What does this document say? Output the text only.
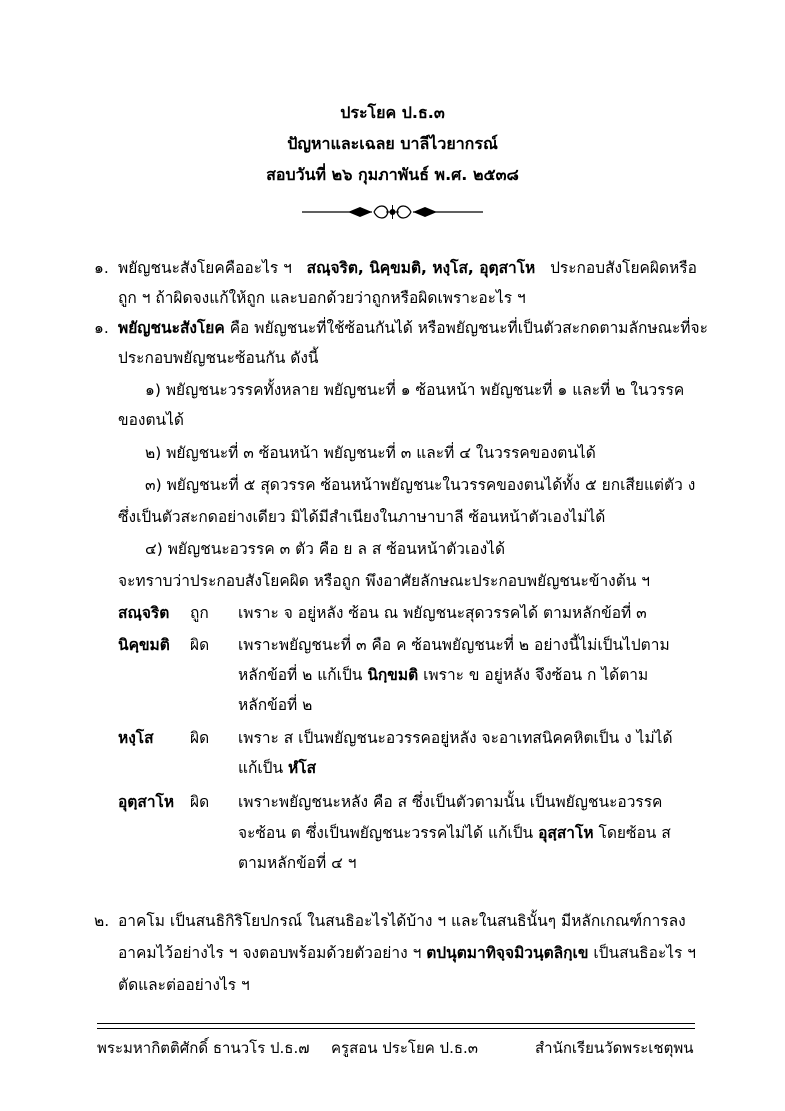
ประโยค ป.ธ.๓
ปัญหาและเฉลย บาลีไวยากรณ์
สอบวันที่ ๒๖ กุมภาพันธ์ พ.ศ. ๒๕๓๘
๑. พยัญชนะสังโยคคืออะไร ฯ สณฺจริต, นิคฺขมติ, หงฺโส, อุตฺสาโห ประกอบสังโยคผิดหรือ
ถูก ฯ ถ้าผิดจงแก้ให้ถูก และบอกด้วยว่าถูกหรือผิดเพราะอะไร ฯ
๑. พยัญชนะสังโยค คือ พยัญชนะที่ใช้ซ้อนกันได้ หรือพยัญชนะที่เป็นตัวสะกดตามลักษณะที่จะ
ประกอบพยัญชนะซ้อนกัน ดังนี้
๑) พยัญชนะวรรคทั้งหลาย พยัญชนะที่ ๑ ซ้อนหน้า พยัญชนะที่ ๑ และที่ ๒ ในวรรค
ของตนได้
๒) พยัญชนะที่ ๓ ซ้อนหน้า พยัญชนะที่ ๓ และที่ ๔ ในวรรคของตนได้
๓) พยัญชนะที่ ๕ สุดวรรค ซ้อนหน้าพยัญชนะในวรรคของตนได้ทั้ง ๕ ยกเสียแต่ตัว ง
ซึ่งเป็นตัวสะกดอย่างเดียว มิได้มีสำเนียงในภาษาบาลี ซ้อนหน้าตัวเองไม่ได้
๔) พยัญชนะอวรรค ๓ ตัว คือ ย ล ส ซ้อนหน้าตัวเองได้
จะทราบว่าประกอบสังโยคผิด หรือถูก พึงอาศัยลักษณะประกอบพยัญชนะข้างต้น ฯ
สณฺจริต ถูก เพราะ จ อยู่หลัง ซ้อน ณ พยัญชนะสุดวรรคได้ ตามหลักข้อที่ ๓
นิคฺขมติ ผิด เพราะพยัญชนะที่ ๓ คือ ค ซ้อนพยัญชนะที่ ๒ อย่างนี้ไม่เป็นไปตาม
หลักข้อที่ ๒ แก้เป็น นิกฺขมติ เพราะ ข อยู่หลัง จึงซ้อน ก ได้ตาม
หลักข้อที่ ๒
หงฺโส ผิด เพราะ ส เป็นพยัญชนะอวรรคอยู่หลัง จะอาเทสนิคคหิตเป็น ง ไม่ได้
แก้เป็น หํโส
อุตฺสาโห ผิด เพราะพยัญชนะหลัง คือ ส ซึ่งเป็นตัวตามนั้น เป็นพยัญชนะอวรรค
จะซ้อน ต ซึ่งเป็นพยัญชนะวรรคไม่ได้ แก้เป็น อุสฺสาโห โดยซ้อน ส
ตามหลักข้อที่ ๔ ฯ
๒. อาคโม เป็นสนธิกิริโยปกรณ์ ในสนธิอะไรได้บ้าง ฯ และในสนธินั้นๆ มีหลักเกณฑ์การลง
อาคมไว้อย่างไร ฯ จงตอบพร้อมด้วยตัวอย่าง ฯ ตปนุตมาทิจฺจมิวนฺตลิกฺเข เป็นสนธิอะไร ฯ
ตัดและต่ออย่างไร ฯ
พระมหากิตติศักดิ์ ธานวโร ป.ธ.๗ ครูสอน ประโยค ป.ธ.๓	สำนักเรียนวัดพระเชตุพน
